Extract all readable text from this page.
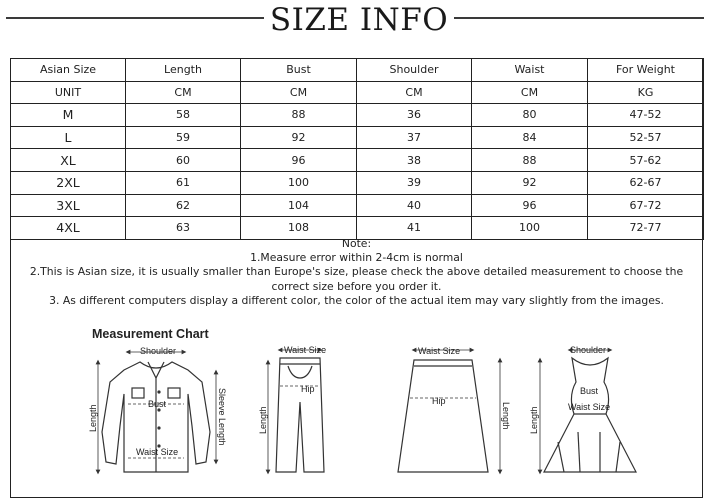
SIZE INFO
Asian Size	Length	Bust	Shoulder	Waist	For Weight
UNIT	CM	CM	CM	CM	KG
M	58	88	36	80	47-52
L	59	92	37	84	52-57
XL	60	96	38	88	57-62
2XL	61	100	39	92	62-67
3XL	62	104	40	96	67-72
4XL	63	108	41	100	72-77
Note:
1.Measure error within 2-4cm is normal
2.This is Asian size, it is usually smaller than Europe's size, please check the above detailed measurement to choose the correct size before you order it.
3. As different computers display a different color, the color of the actual item may vary slightly from the images.
Measurement Chart
Shoulder
Bust
Waist Size
Length	Sleeve Length
Waist Size
Hip
Length
Waist Size
Hip
Length
Shoulder
Bust
Waist Size
Length
